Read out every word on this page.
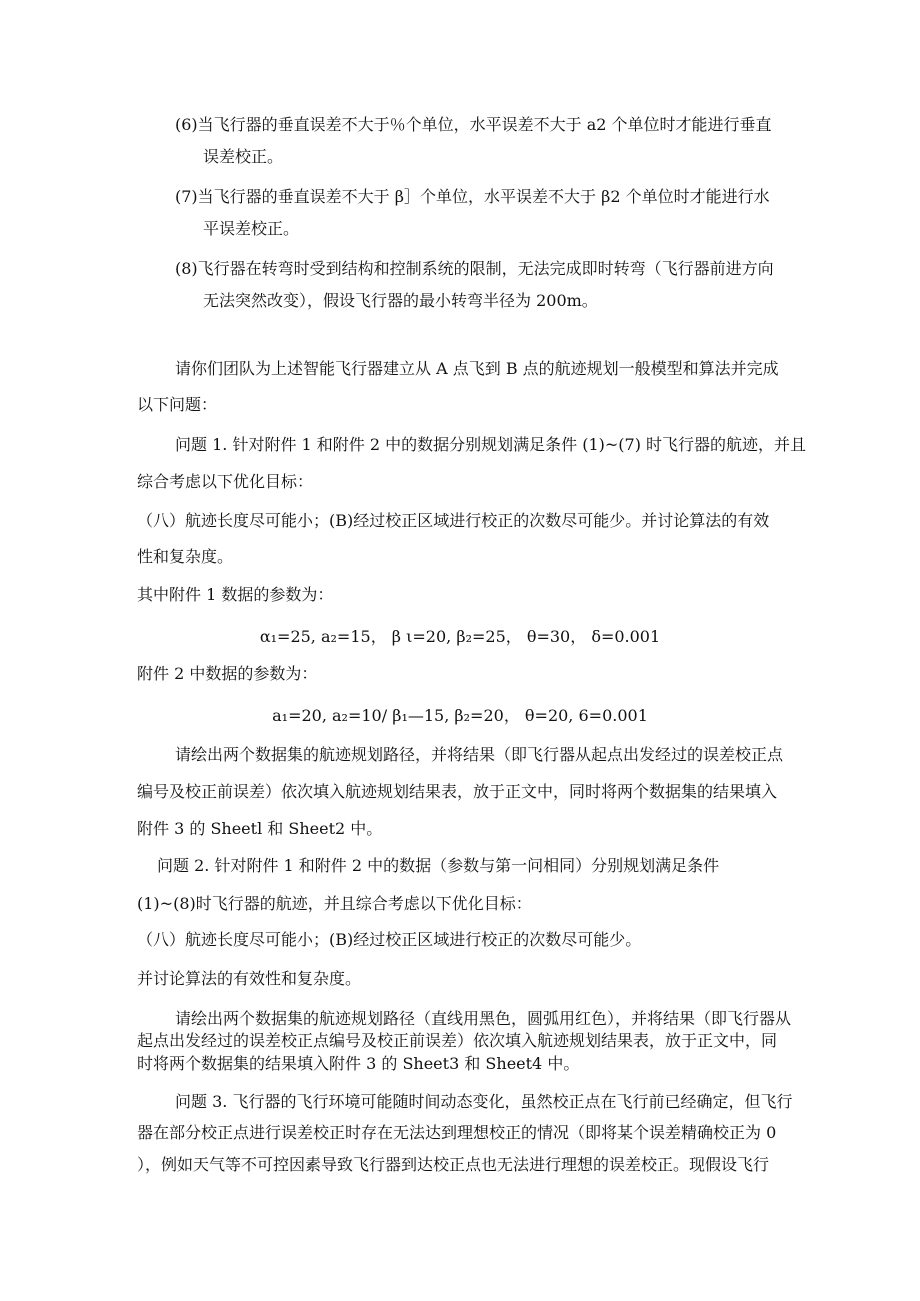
(6)当飞行器的垂直误差不大于％个单位，水平误差不大于 a2 个单位时才能进行垂直

误差校正。

(7)当飞行器的垂直误差不大于 β］个单位，水平误差不大于 β2 个单位时才能进行水

平误差校正。

(8)飞行器在转弯时受到结构和控制系统的限制，无法完成即时转弯（飞行器前进方向

无法突然改变），假设飞行器的最小转弯半径为 200m。

请你们团队为上述智能飞行器建立从 A 点飞到 B 点的航迹规划一般模型和算法并完成

以下问题：

问题 1. 针对附件 1 和附件 2 中的数据分别规划满足条件 (1)~(7) 时飞行器的航迹，并且

综合考虑以下优化目标：

（八）航迹长度尽可能小；(B)经过校正区域进行校正的次数尽可能少。并讨论算法的有效

性和复杂度。

其中附件 1 数据的参数为：

α₁=25, a₂=15， β ι=20, β₂=25， θ=30， δ=0.001

附件 2 中数据的参数为：

a₁=20, a₂=10/ β₁—15, β₂=20， θ=20, 6=0.001

请绘出两个数据集的航迹规划路径，并将结果（即飞行器从起点出发经过的误差校正点

编号及校正前误差）依次填入航迹规划结果表，放于正文中，同时将两个数据集的结果填入

附件 3 的 Sheetl 和 Sheet2 中。

问题 2. 针对附件 1 和附件 2 中的数据（参数与第一问相同）分别规划满足条件

(1)~(8)时飞行器的航迹，并且综合考虑以下优化目标：

（八）航迹长度尽可能小；(B)经过校正区域进行校正的次数尽可能少。

并讨论算法的有效性和复杂度。

请绘出两个数据集的航迹规划路径（直线用黑色，圆弧用红色），并将结果（即飞行器从

起点出发经过的误差校正点编号及校正前误差）依次填入航迹规划结果表，放于正文中，同

时将两个数据集的结果填入附件 3 的 Sheet3 和 Sheet4 中。

问题 3. 飞行器的飞行环境可能随时间动态变化，虽然校正点在飞行前已经确定，但飞行

器在部分校正点进行误差校正时存在无法达到理想校正的情况（即将某个误差精确校正为 0

），例如天气等不可控因素导致飞行器到达校正点也无法进行理想的误差校正。现假设飞行
